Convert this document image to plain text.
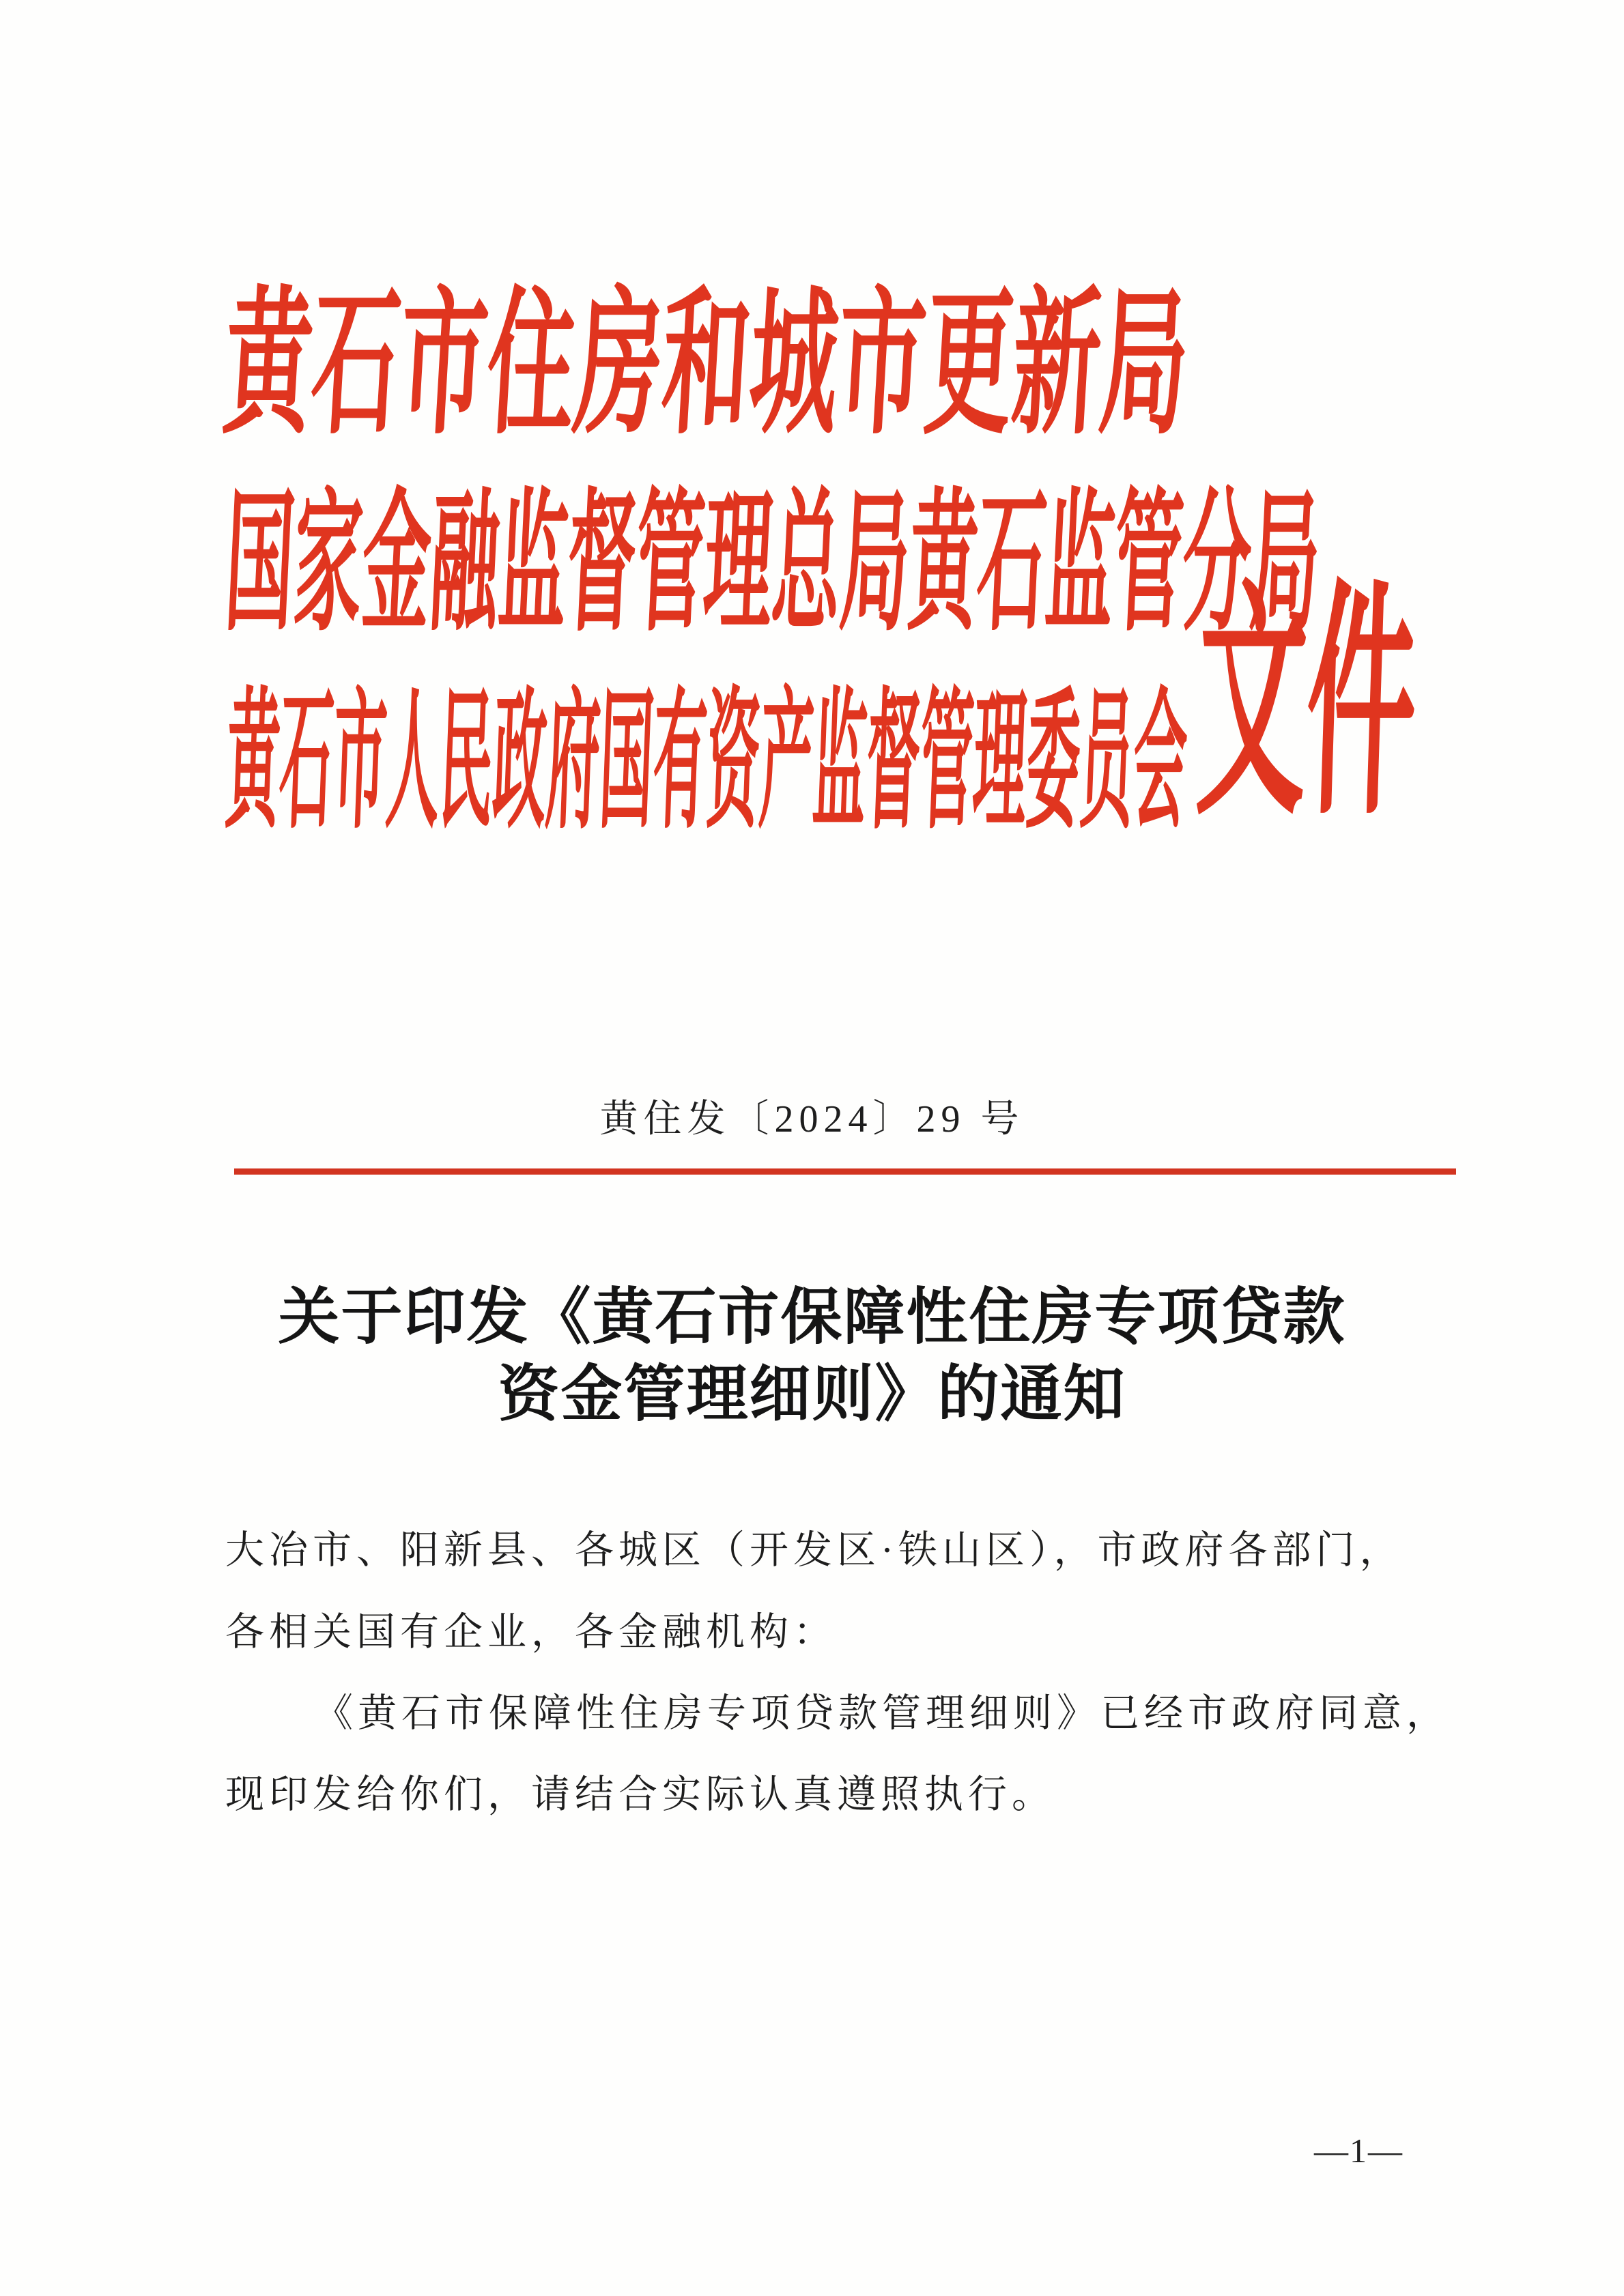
黄石市住房和城市更新局
国家金融监督管理总局黄石监管分局
黄石市人民政府国有资产监督管理委员会 文件
黄住发〔2024〕29 号
关于印发《黄石市保障性住房专项贷款
资金管理细则》的通知
大冶市、阳新县、各城区（开发区·铁山区），市政府各部门，
各相关国有企业，各金融机构：
《黄石市保障性住房专项贷款管理细则》已经市政府同意，
现印发给你们，请结合实际认真遵照执行。
—1—
